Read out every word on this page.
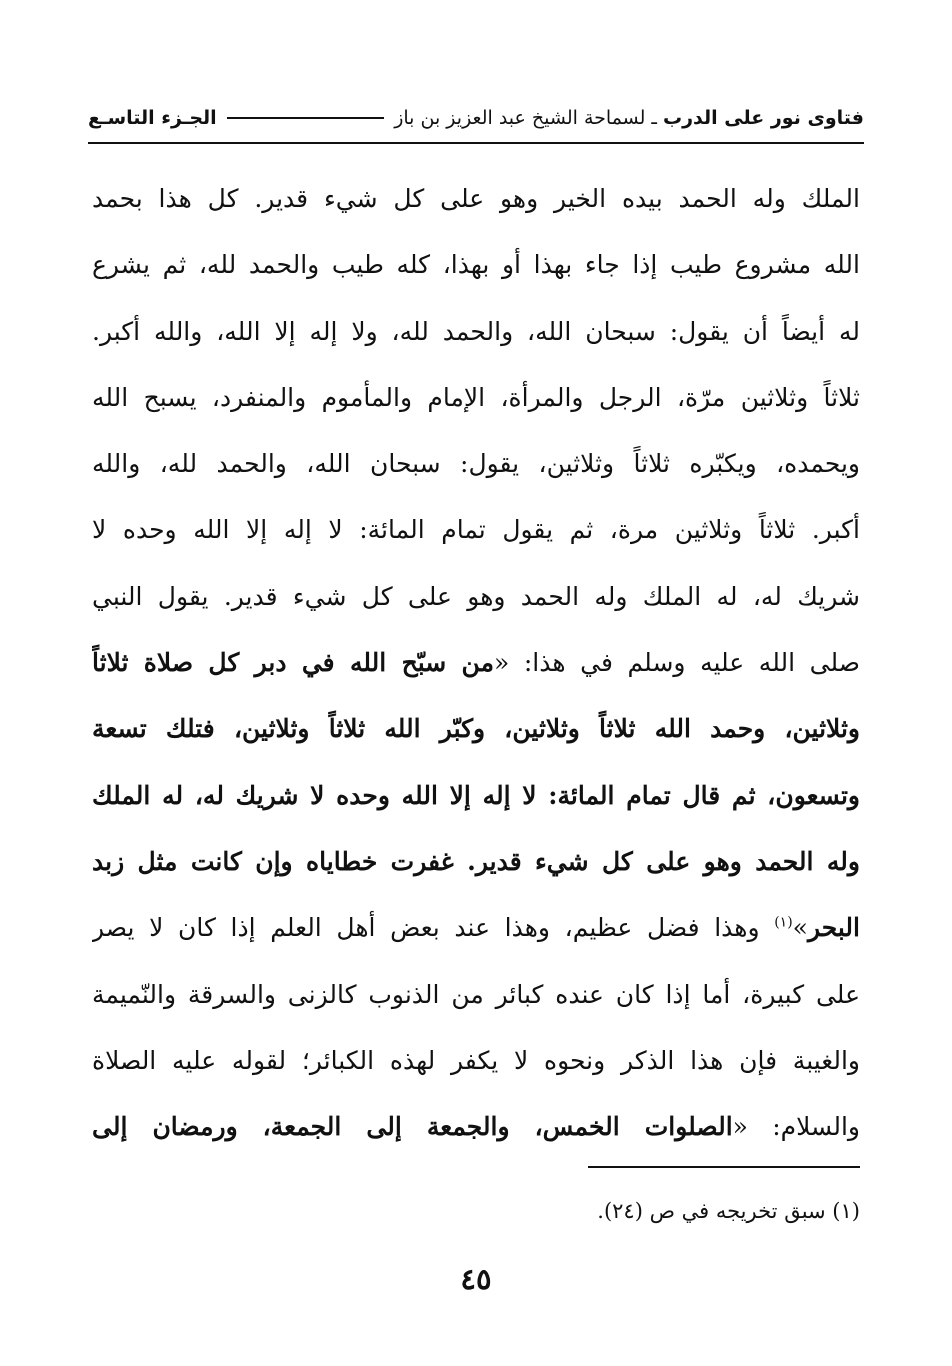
فتاوى نور على الدرب
ـ
لسماحة الشيخ عبد العزيز بن باز
الجـزء التاسـع
الملك وله الحمد بيده الخير وهو على كل شيء قدير. كل هذا بحمد
الله مشروع طيب إذا جاء بهذا أو بهذا، كله طيب والحمد لله، ثم يشرع
له أيضاً أن يقول: سبحان الله، والحمد لله، ولا إله إلا الله، والله أكبر.
ثلاثاً وثلاثين مرّة، الرجل والمرأة، الإمام والمأموم والمنفرد، يسبح الله
ويحمده، ويكبّره ثلاثاً وثلاثين، يقول: سبحان الله، والحمد لله، والله
أكبر. ثلاثاً وثلاثين مرة، ثم يقول تمام المائة: لا إله إلا الله وحده لا
شريك له، له الملك وله الحمد وهو على كل شيء قدير. يقول النبي
صلى الله عليه وسلم في هذا: «من سبّح الله في دبر كل صلاة ثلاثاً
وثلاثين، وحمد الله ثلاثاً وثلاثين، وكبّر الله ثلاثاً وثلاثين، فتلك تسعة
وتسعون، ثم قال تمام المائة: لا إله إلا الله وحده لا شريك له، له الملك
وله الحمد وهو على كل شيء قدير. غفرت خطاياه وإن كانت مثل زبد
البحر»$^{(١)}$ وهذا فضل عظيم، وهذا عند بعض أهل العلم إذا كان لا يصر
على كبيرة، أما إذا كان عنده كبائر من الذنوب كالزنى والسرقة والنّميمة
والغيبة فإن هذا الذكر ونحوه لا يكفر لهذه الكبائر؛ لقوله عليه الصلاة
والسلام: «الصلوات الخمس، والجمعة إلى الجمعة، ورمضان إلى
(١) سبق تخريجه في ص (٢٤).
٤٥
